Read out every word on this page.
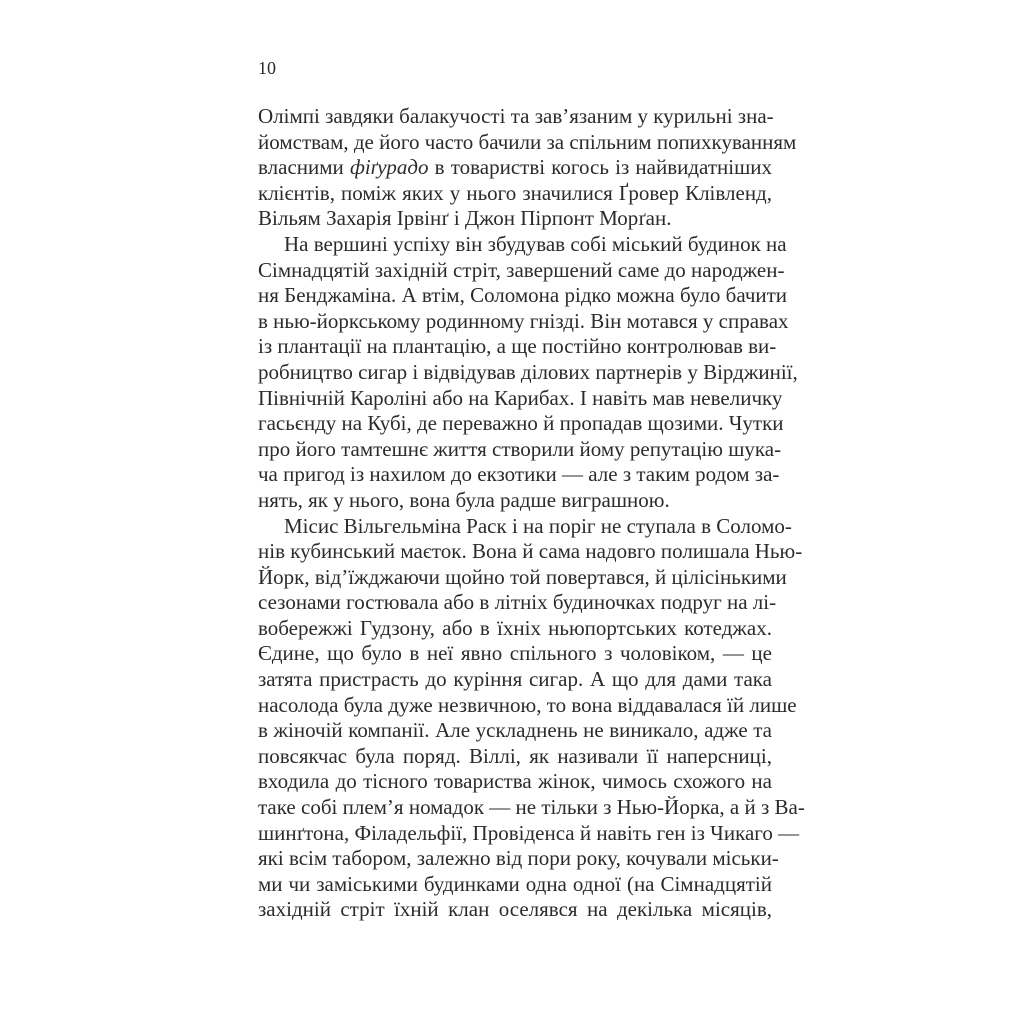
10
Олімпі завдяки балакучості та зав’язаним у курильні зна-
йомствам, де його часто бачили за спільним попихкуванням
власними фіґурадо в товаристві когось із найвидатніших
клієнтів, поміж яких у нього значилися Ґровер Клівленд,
Вільям Захарія Ірвінґ і Джон Пірпонт Морґан.
На вершині успіху він збудував собі міський будинок на
Сімнадцятій західній стріт, завершений саме до народжен-
ня Бенджаміна. А втім, Соломона рідко можна було бачити
в нью-йоркському родинному гнізді. Він мотався у справах
із плантації на плантацію, а ще постійно контролював ви-
робництво сигар і відвідував ділових партнерів у Вірджинії,
Північній Кароліні або на Карибах. І навіть мав невеличку
гасьєнду на Кубі, де переважно й пропадав щозими. Чутки
про його тамтешнє життя створили йому репутацію шука-
ча пригод із нахилом до екзотики — але з таким родом за-
нять, як у нього, вона була радше виграшною.
Місис Вільгельміна Раск і на поріг не ступала в Соломо-
нів кубинський маєток. Вона й сама надовго полишала Нью-
Йорк, від’їжджаючи щойно той повертався, й цілісінькими
сезонами гостювала або в літніх будиночках подруг на лі-
вобережжі Гудзону, або в їхніх ньюпортських котеджах.
Єдине, що було в неї явно спільного з чоловіком, — це
затята пристрасть до куріння сигар. А що для дами така
насолода була дуже незвичною, то вона віддавалася їй лише
в жіночій компанії. Але ускладнень не виникало, адже та
повсякчас була поряд. Віллі, як називали її наперсниці,
входила до тісного товариства жінок, чимось схожого на
таке собі плем’я номадок — не тільки з Нью-Йорка, а й з Ва-
шинґтона, Філадельфії, Провіденса й навіть ген із Чикаго —
які всім табором, залежно від пори року, кочували міськи-
ми чи заміськими будинками одна одної (на Сімнадцятій
західній стріт їхній клан оселявся на декілька місяців,
